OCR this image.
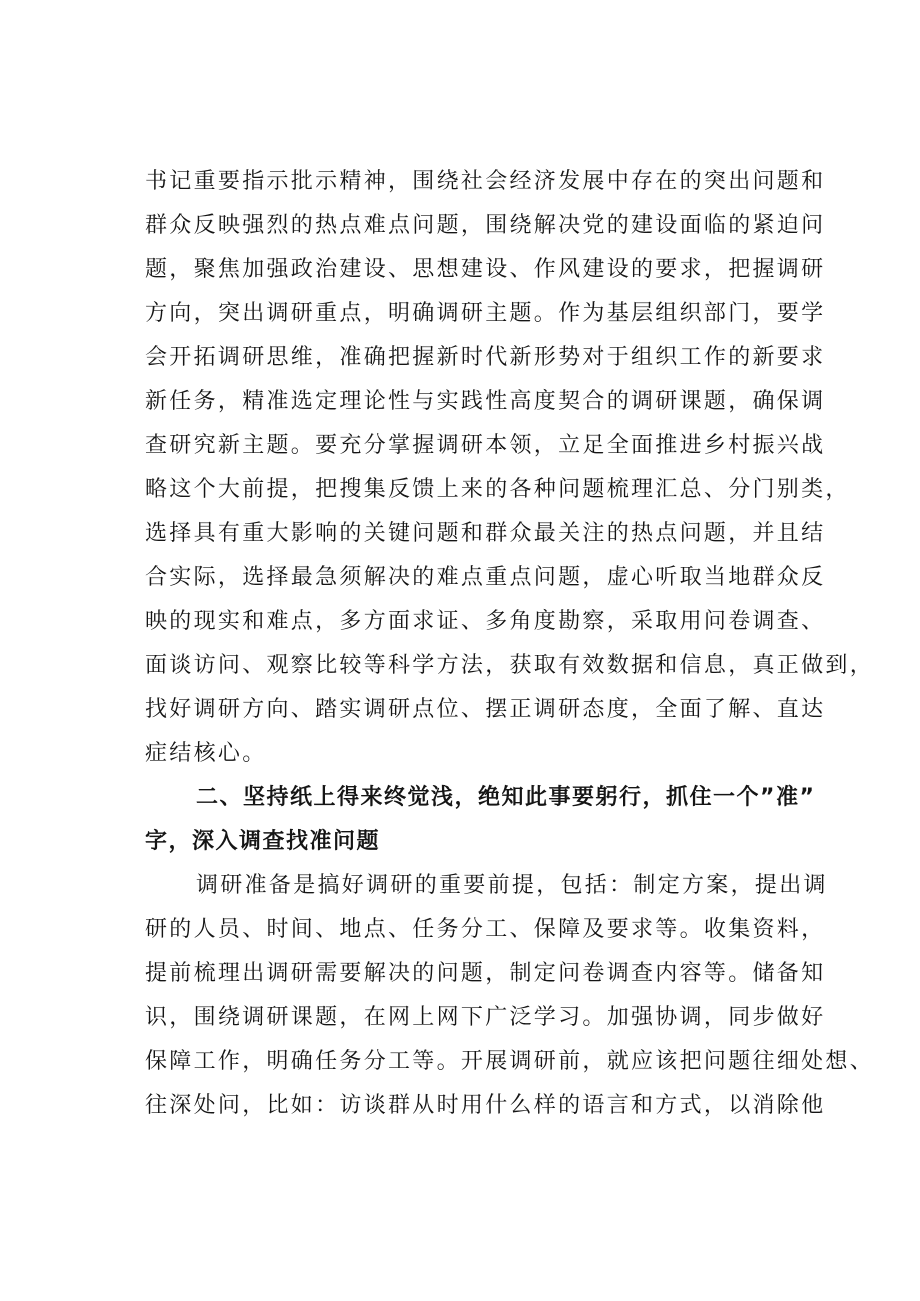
书记重要指示批示精神，围绕社会经济发展中存在的突出问题和
群众反映强烈的热点难点问题，围绕解决党的建设面临的紧迫问
题，聚焦加强政治建设、思想建设、作风建设的要求，把握调研
方向，突出调研重点，明确调研主题。作为基层组织部门，要学
会开拓调研思维，准确把握新时代新形势对于组织工作的新要求
新任务，精准选定理论性与实践性高度契合的调研课题，确保调
查研究新主题。要充分掌握调研本领，立足全面推进乡村振兴战
略这个大前提，把搜集反馈上来的各种问题梳理汇总、分门别类，
选择具有重大影响的关键问题和群众最关注的热点问题，并且结
合实际，选择最急须解决的难点重点问题，虚心听取当地群众反
映的现实和难点，多方面求证、多角度勘察，采取用问卷调查、
面谈访问、观察比较等科学方法，获取有效数据和信息，真正做到，
找好调研方向、踏实调研点位、摆正调研态度，全面了解、直达
症结核心。
二、坚持纸上得来终觉浅，绝知此事要躬行，抓住一个”准”
字，深入调查找准问题
调研准备是搞好调研的重要前提，包括：制定方案，提出调
研的人员、时间、地点、任务分工、保障及要求等。收集资料，
提前梳理出调研需要解决的问题，制定问卷调查内容等。储备知
识，围绕调研课题，在网上网下广泛学习。加强协调，同步做好
保障工作，明确任务分工等。开展调研前，就应该把问题往细处想、
往深处问，比如：访谈群从时用什么样的语言和方式，以消除他
